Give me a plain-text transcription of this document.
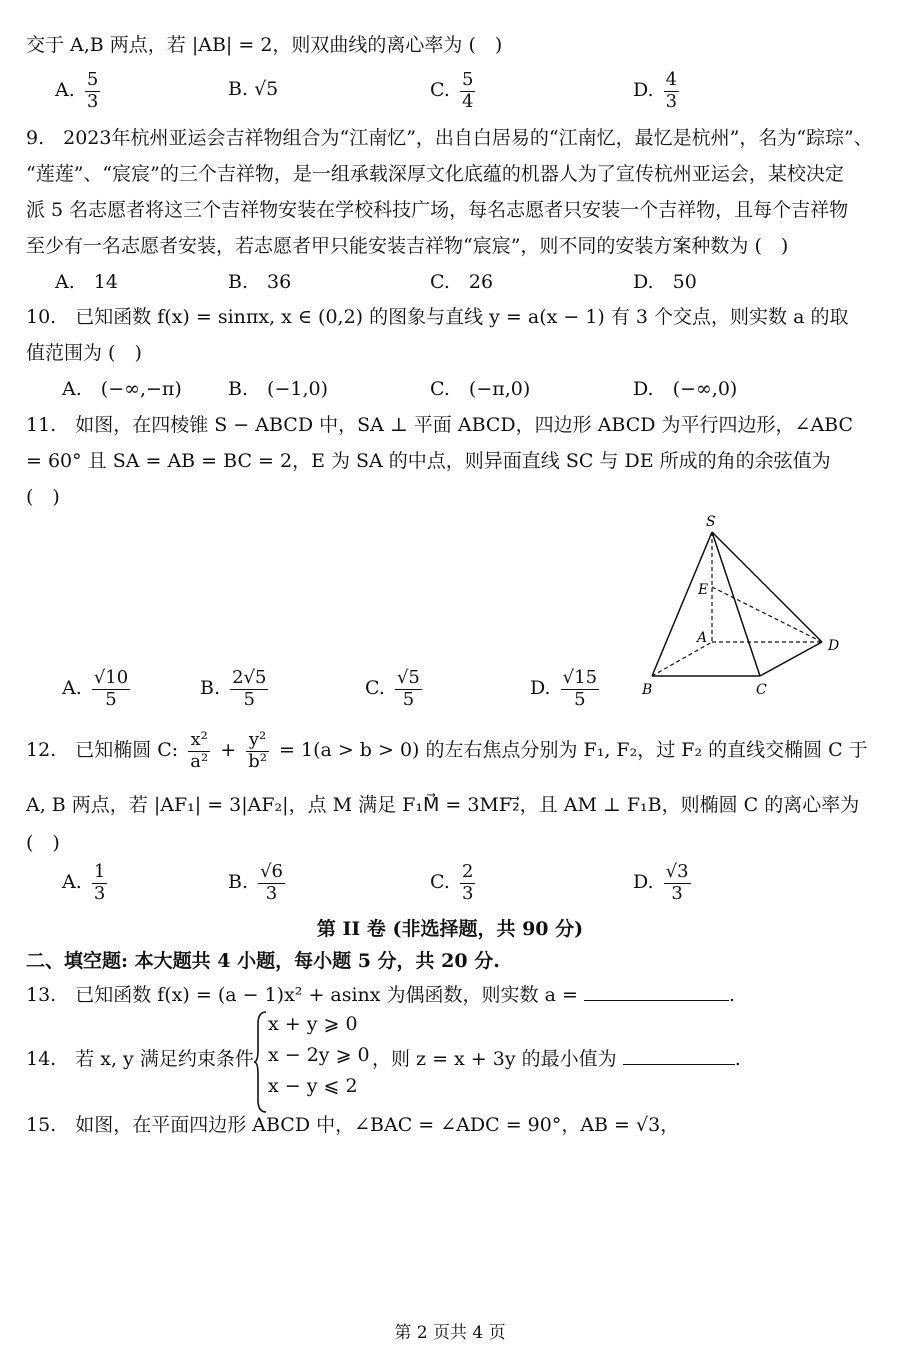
交于 A,B 两点，若 |AB| = 2，则双曲线的离心率为 (　)
A. $\frac{5}{3}$	B. √5	C. $\frac{5}{4}$	D. $\frac{4}{3}$
9.　2023年杭州亚运会吉祥物组合为“江南忆”，出自白居易的“江南忆，最忆是杭州”，名为“踪琮”、
“莲莲”、“宸宸”的三个吉祥物，是一组承载深厚文化底蕴的机器人为了宣传杭州亚运会，某校决定
派 5 名志愿者将这三个吉祥物安装在学校科技广场，每名志愿者只安装一个吉祥物，且每个吉祥物
至少有一名志愿者安装，若志愿者甲只能安装吉祥物“宸宸”，则不同的安装方案种数为 (　)
A.　 14	B.　 36	C.　 26	D.　 50
10.　已知函数 f(x) = sinπx, x ∈ (0,2) 的图象与直线 y = a(x − 1) 有 3 个交点，则实数 a 的取
值范围为 (　)
A.　 (−∞,−π) B.　 (−1,0)	C.　 (−π,0)	D.　 (−∞,0)
11.　如图，在四棱锥 S − ABCD 中，SA ⊥ 平面 ABCD，四边形 ABCD 为平行四边形，∠ABC
= 60° 且 SA = AB = BC = 2，E 为 SA 的中点，则异面直线 SC 与 DE 所成的角的余弦值为
(　)
S
E
A
B	C
D
A. $\frac{√10}{5}$	B. $\frac{2√5}{5}$	C. $\frac{√5}{5}$	D. $\frac{√15}{5}$
12.　已知椭圆 C: $\frac{\text{x²}}{\text{a²}} + \frac{\text{y²}}{\text{b²}} = 1(a > b > 0)$ 的左右焦点分别为 F₁, F₂，过 F₂ 的直线交椭圆 C 于
A, B 两点，若 |AF₁| = 3|AF₂|，点 M 满足 F₁M⃗ = 3MF₂⃗，且 AM ⊥ F₁B，则椭圆 C 的离心率为
(　)
A. $\frac{1}{3}$	B. $\frac{√6}{3}$	C. $\frac{2}{3}$	D. $\frac{√3}{3}$
第 II 卷 (非选择题，共 90 分)
二、填空题: 本大题共 4 小题，每小题 5 分，共 20 分.
13.　已知函数 f(x) = (a − 1)x² + asinx 为偶函数，则实数 a =	.
14.　若 x, y 满足约束条件
x + y ⩾ 0
x − 2y ⩾ 0
x − y ⩽ 2
，则 z = x + 3y 的最小值为	.
15.　如图，在平面四边形 ABCD 中，∠BAC = ∠ADC = 90°，AB = √3，
第 2 页共 4 页
